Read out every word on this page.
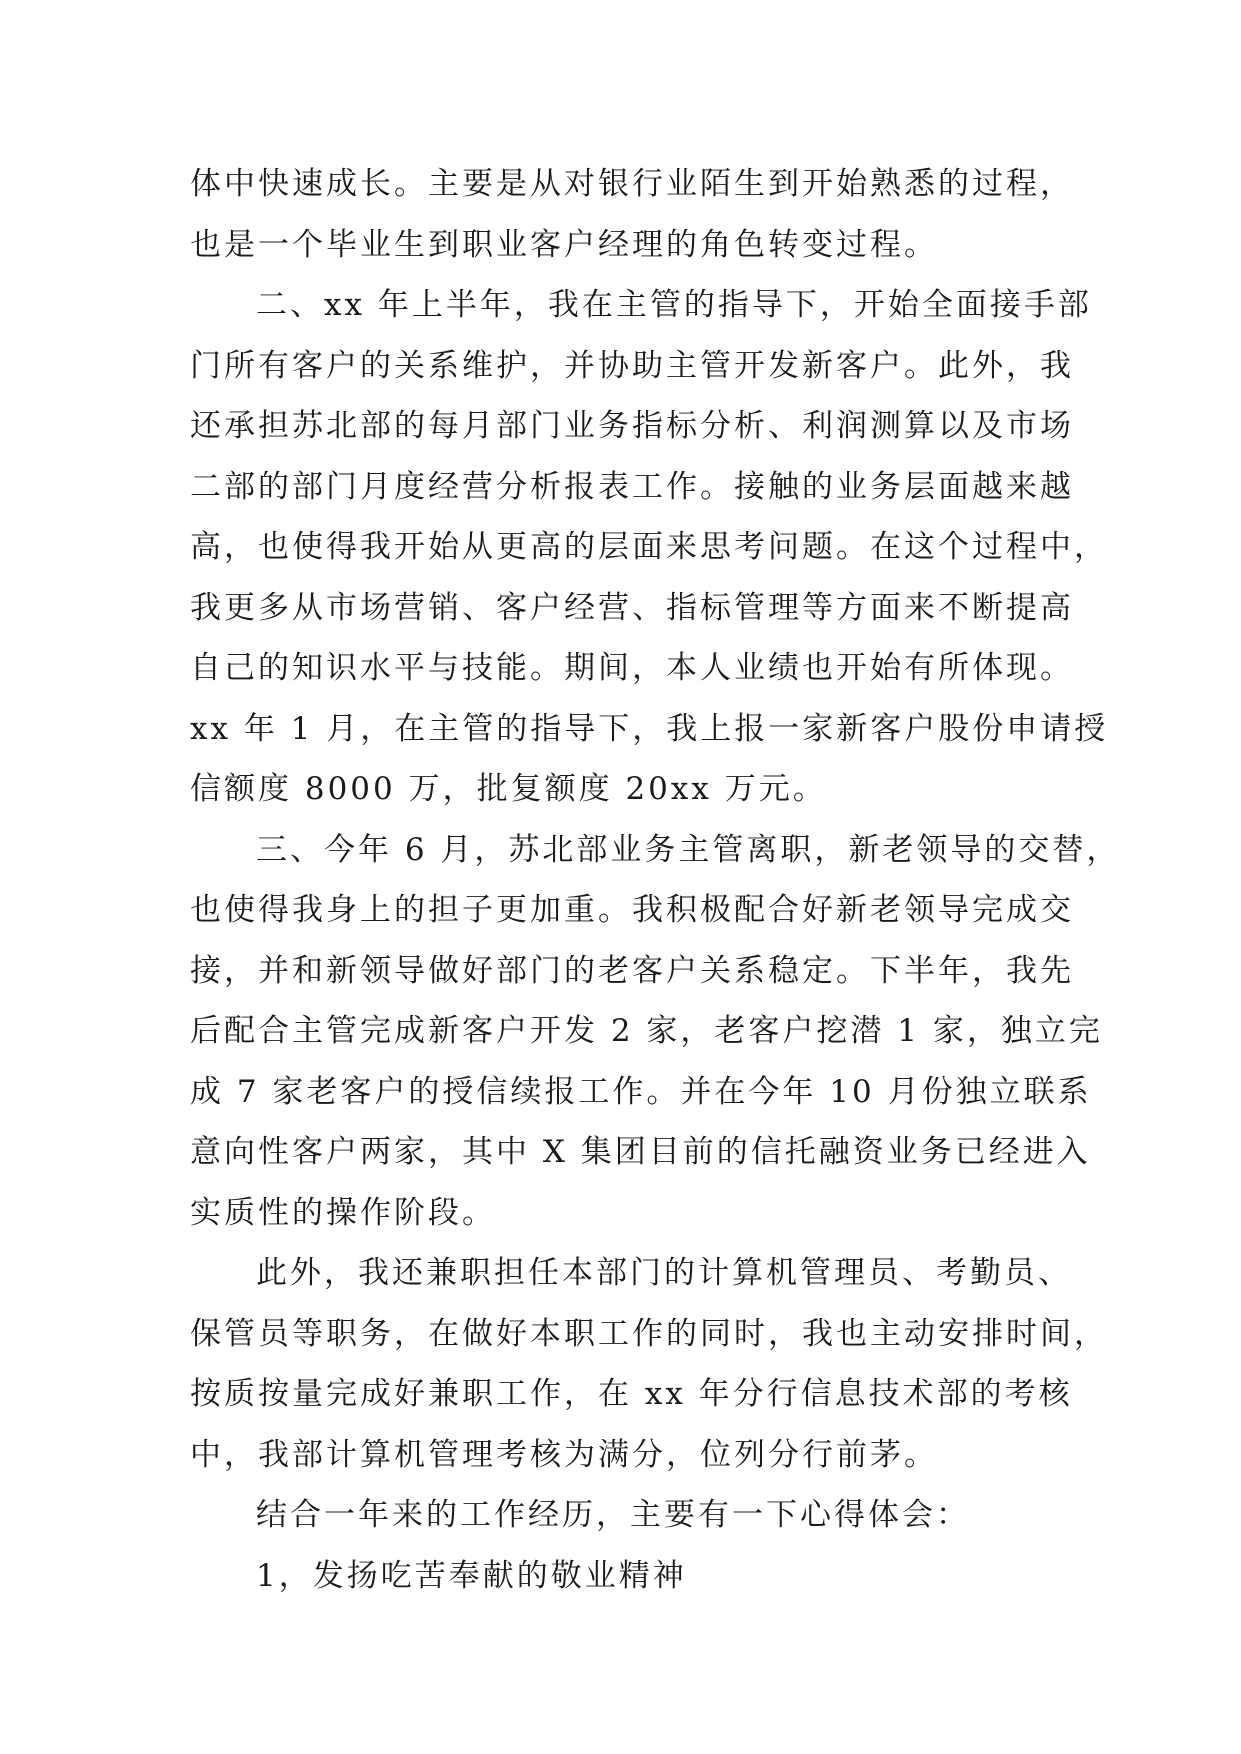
体中快速成长。主要是从对银行业陌生到开始熟悉的过程，
也是一个毕业生到职业客户经理的角色转变过程。
二、xx 年上半年，我在主管的指导下，开始全面接手部
门所有客户的关系维护，并协助主管开发新客户。此外，我
还承担苏北部的每月部门业务指标分析、利润测算以及市场
二部的部门月度经营分析报表工作。接触的业务层面越来越
高，也使得我开始从更高的层面来思考问题。在这个过程中，
我更多从市场营销、客户经营、指标管理等方面来不断提高
自己的知识水平与技能。期间，本人业绩也开始有所体现。
xx 年 1 月，在主管的指导下，我上报一家新客户股份申请授
信额度 8000 万，批复额度 20xx 万元。
三、今年 6 月，苏北部业务主管离职，新老领导的交替，
也使得我身上的担子更加重。我积极配合好新老领导完成交
接，并和新领导做好部门的老客户关系稳定。下半年，我先
后配合主管完成新客户开发 2 家，老客户挖潜 1 家，独立完
成 7 家老客户的授信续报工作。并在今年 10 月份独立联系
意向性客户两家，其中 X 集团目前的信托融资业务已经进入
实质性的操作阶段。
此外，我还兼职担任本部门的计算机管理员、考勤员、
保管员等职务，在做好本职工作的同时，我也主动安排时间，
按质按量完成好兼职工作，在 xx 年分行信息技术部的考核
中，我部计算机管理考核为满分，位列分行前茅。
结合一年来的工作经历，主要有一下心得体会：
1，发扬吃苦奉献的敬业精神
